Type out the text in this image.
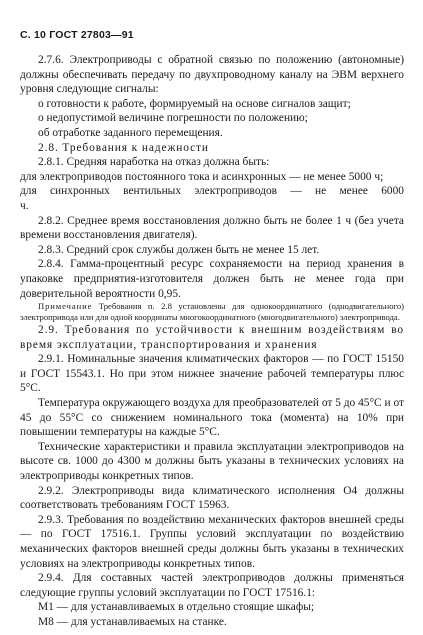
С. 10 ГОСТ 27803—91

2.7.6. Электроприводы с обратной связью по положению (автономные) должны обеспечивать передачу по двухпроводному каналу на ЭВМ верхнего уровня следующие сигналы:

о готовности к работе, формируемый на основе сигналов защит;

о недопустимой величине погрешности по положению;

об отработке заданного перемещения.

2.8. Требования к надежности

2.8.1. Средняя наработка на отказ должна быть:

для электроприводов постоянного тока и асинхронных — не менее 5000 ч;

для синхронных вентильных электроприводов — не менее 6000 ч.

2.8.2. Среднее время восстановления должно быть не более 1 ч (без учета времени восстановления двигателя).

2.8.3. Средний срок службы должен быть не менее 15 лет.

2.8.4. Гамма-процентный ресурс сохраняемости на период хранения в упаковке предприятия-изготовителя должен быть не менее года при доверительной вероятности 0,95.

Примечание Требования п. 2.8 установлены для однокоординатного (однодвигательного) электропривода или для одной координаты многокоординатного (многодвигательного) электропривода.

2.9. Требования по устойчивости к внешним воздействиям во время эксплуатации, транспортирования и хранения

2.9.1. Номинальные значения климатических факторов — по ГОСТ 15150 и ГОСТ 15543.1. Но при этом нижнее значение рабочей температуры плюс 5°С.

Температура окружающего воздуха для преобразователей от 5 до 45°С и от 45 до 55°С со снижением номинального тока (момента) на 10% при повышении температуры на каждые 5°С.

Технические характеристики и правила эксплуатации электроприводов на высоте св. 1000 до 4300 м должны быть указаны в технических условиях на электроприводы конкретных типов.

2.9.2. Электроприводы вида климатического исполнения О4 должны соответствовать требованиям ГОСТ 15963.

2.9.3. Требования по воздействию механических факторов внешней среды — по ГОСТ 17516.1. Группы условий эксплуатации по воздействию механических факторов внешней среды должны быть указаны в технических условиях на электроприводы конкретных типов.

2.9.4. Для составных частей электроприводов должны применяться следующие группы условий эксплуатации по ГОСТ 17516.1:

М1 — для устанавливаемых в отдельно стоящие шкафы;

М8 — для устанавливаемых на станке.
